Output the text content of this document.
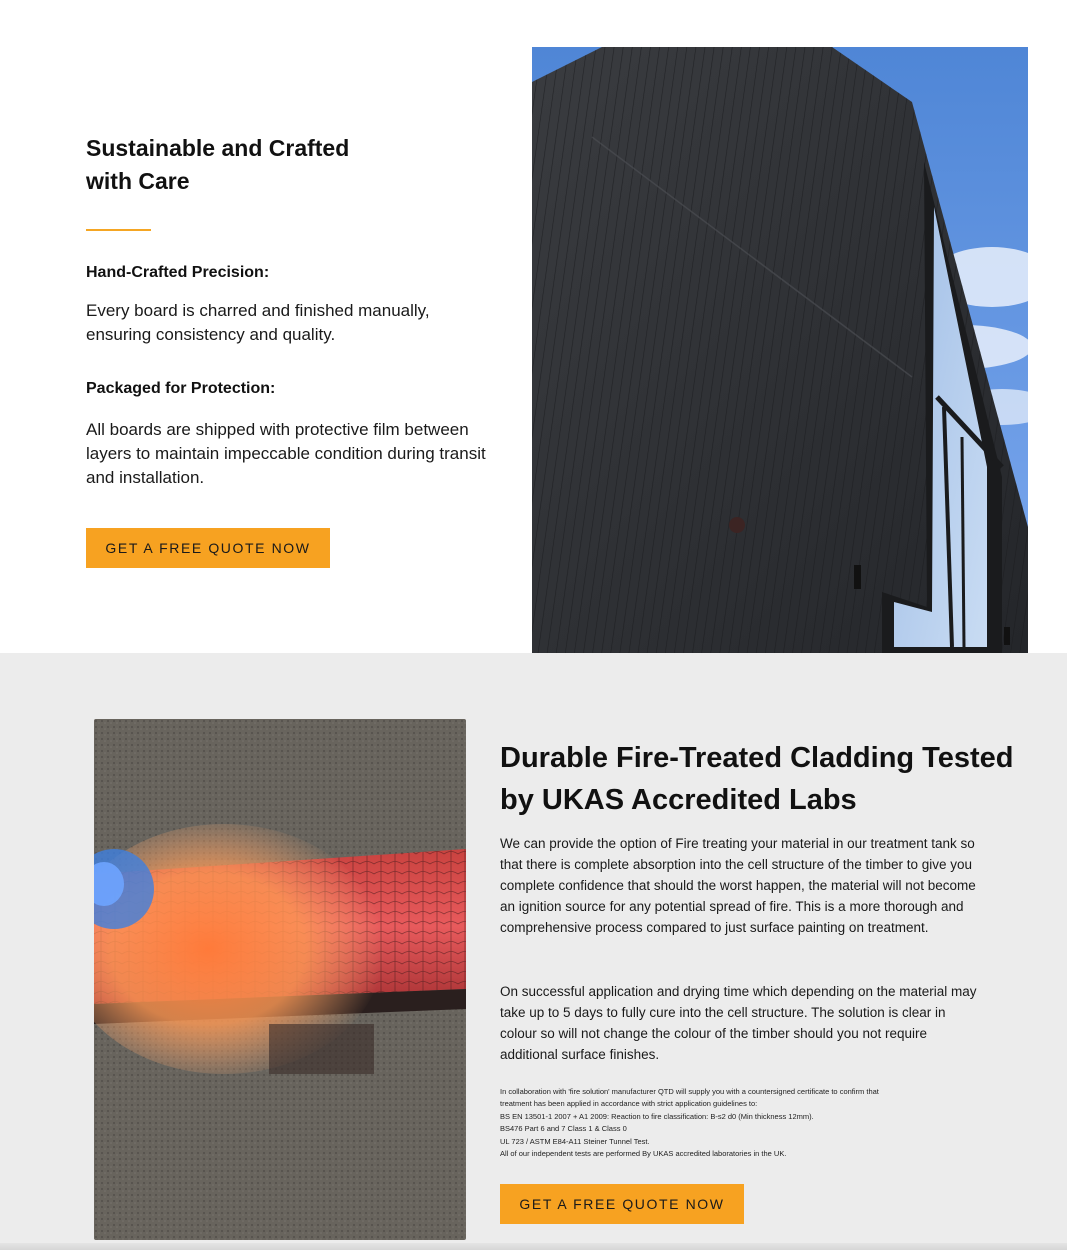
Sustainable and Crafted
with Care
Hand-Crafted Precision:

Every board is charred and finished manually, ensuring consistency and quality.

Packaged for Protection:

All boards are shipped with protective film between layers to maintain impeccable condition during transit and installation.

GET A FREE QUOTE NOW
Durable Fire-Treated Cladding Tested by UKAS Accredited Labs

We can provide the option of Fire treating your material in our treatment tank so that there is complete absorption into the cell structure of the timber to give you complete confidence that should the worst happen, the material will not become an ignition source for any potential spread of fire. This is a more thorough and comprehensive process compared to just surface painting on treatment.

On successful application and drying time which depending on the material may take up to 5 days to fully cure into the cell structure. The solution is clear in colour so will not change the colour of the timber should you not require additional surface finishes.

In collaboration with 'fire solution' manufacturer QTD will supply you with a countersigned certificate to confirm that
treatment has been applied in accordance with strict application guidelines to:
BS EN 13501-1 2007 + A1 2009: Reaction to fire classification: B-s2 d0 (Min thickness 12mm).
BS476 Part 6 and 7 Class 1 & Class 0
UL 723 / ASTM E84-A11 Steiner Tunnel Test.
All of our independent tests are performed By UKAS accredited laboratories in the UK.
GET A FREE QUOTE NOW
